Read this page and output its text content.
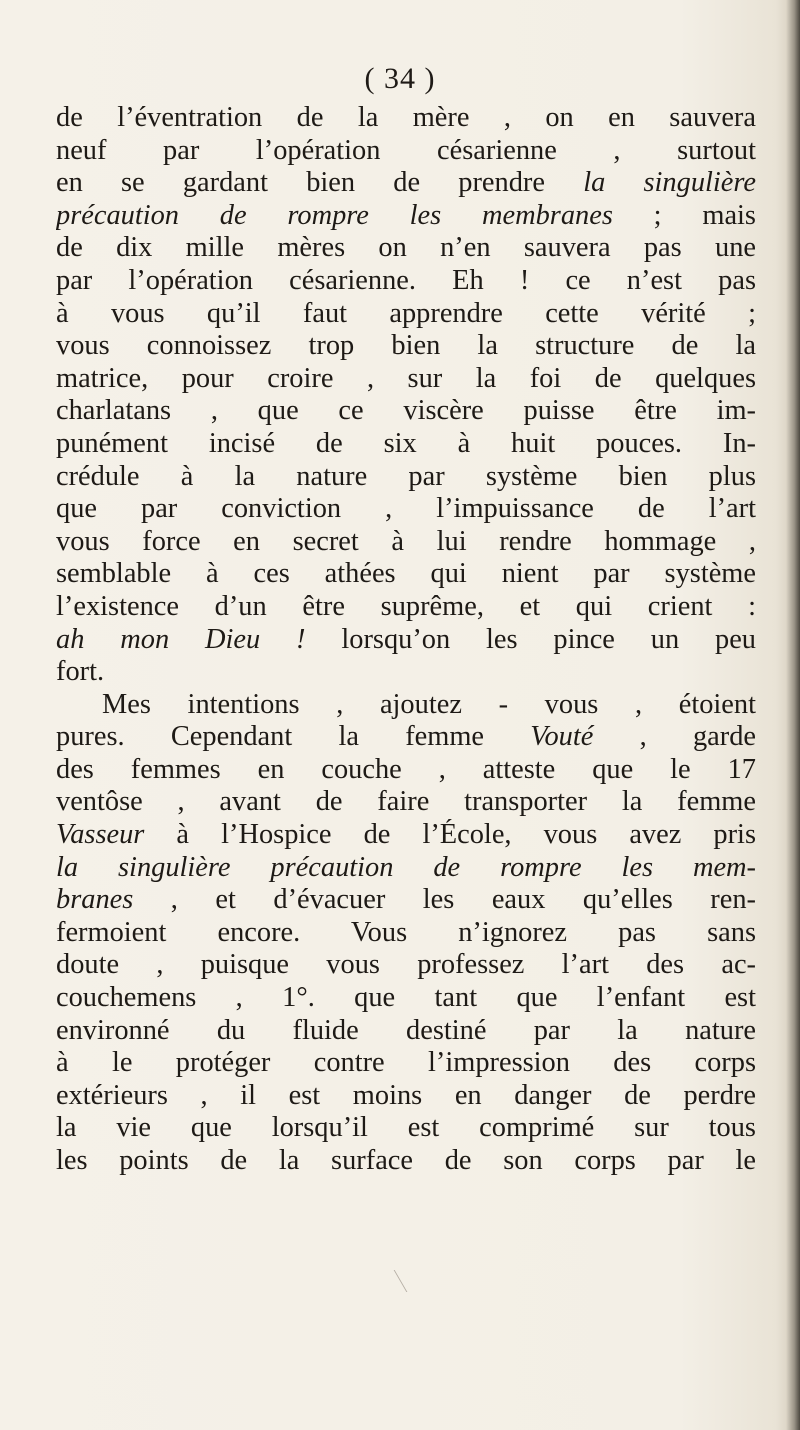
( 34 )
de l’éventration de la mère , on en sauvera
neuf par l’opération césarienne , surtout
en se gardant bien de prendre la singulière
précaution de rompre les membranes ; mais
de dix mille mères on n’en sauvera pas une
par l’opération césarienne. Eh ! ce n’est pas
à vous qu’il faut apprendre cette vérité ;
vous connoissez trop bien la structure de la
matrice, pour croire , sur la foi de quelques
charlatans , que ce viscère puisse être im-
punément incisé de six à huit pouces. In-
crédule à la nature par système bien plus
que par conviction , l’impuissance de l’art
vous force en secret à lui rendre hommage ,
semblable à ces athées qui nient par système
l’existence d’un être suprême, et qui crient :
ah mon Dieu ! lorsqu’on les pince un peu
fort.
Mes intentions , ajoutez - vous , étoient
pures. Cependant la femme Vouté , garde
des femmes en couche , atteste que le 17
ventôse , avant de faire transporter la femme
Vasseur à l’Hospice de l’École, vous avez pris
la singulière précaution de rompre les mem-
branes , et d’évacuer les eaux qu’elles ren-
fermoient encore. Vous n’ignorez pas sans
doute , puisque vous professez l’art des ac-
couchemens , 1°. que tant que l’enfant est
environné du fluide destiné par la nature
à le protéger contre l’impression des corps
extérieurs , il est moins en danger de perdre
la vie que lorsqu’il est comprimé sur tous
les points de la surface de son corps par le
